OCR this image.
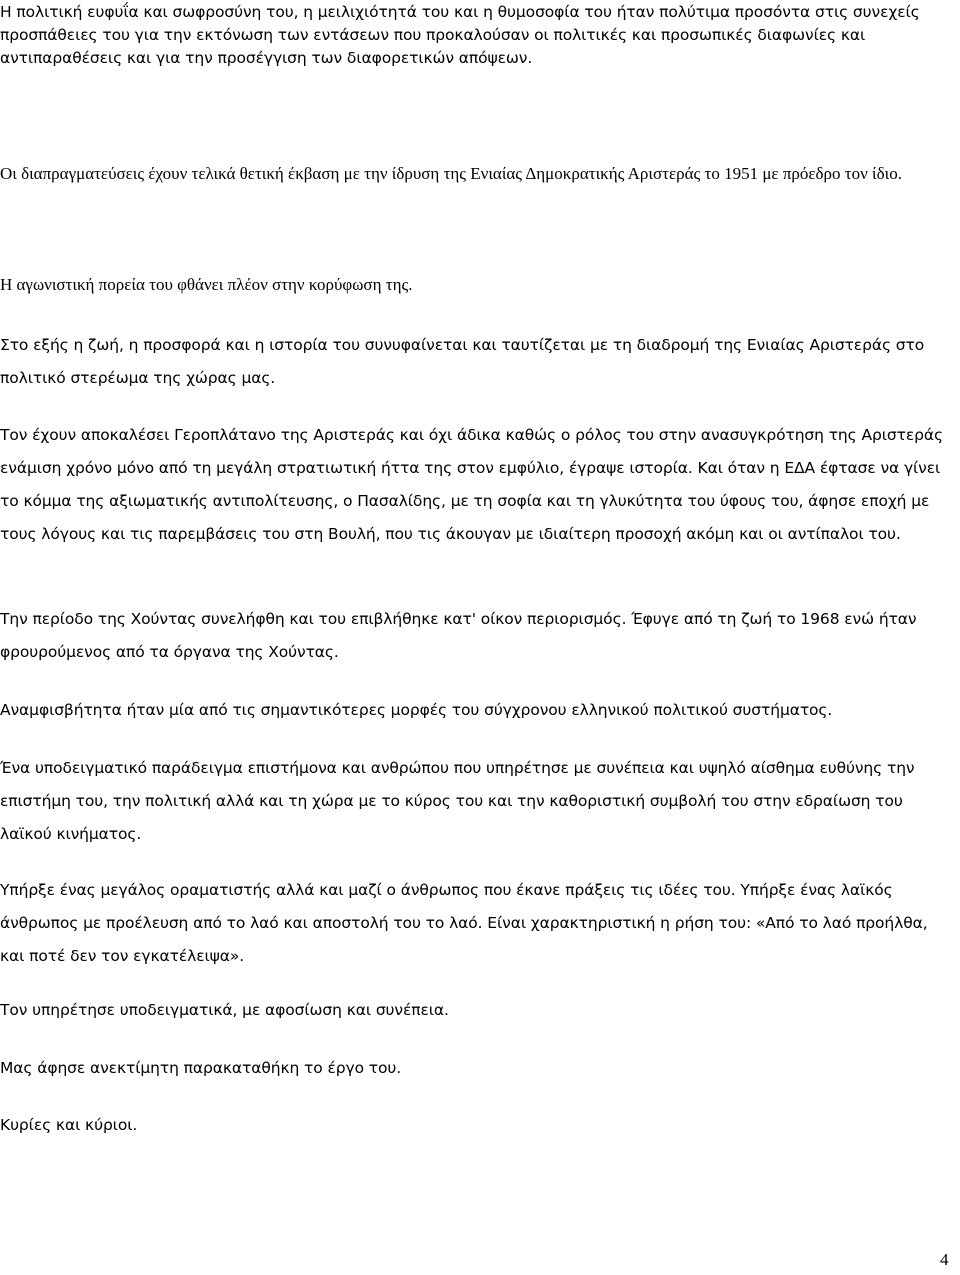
Η πολιτική ευφυΐα και σωφροσύνη του, η μειλιχιότητά του και η θυμοσοφία του ήταν πολύτιμα προσόντα στις συνεχείς προσπάθειες του για την εκτόνωση των εντάσεων που προκαλούσαν οι πολιτικές και προσωπικές διαφωνίες και αντιπαραθέσεις και για την προσέγγιση των διαφορετικών απόψεων.

Οι διαπραγματεύσεις έχουν τελικά θετική έκβαση με την ίδρυση της Ενιαίας Δημοκρατικής Αριστεράς το 1951 με πρόεδρο τον ίδιο.

Η αγωνιστική πορεία του φθάνει πλέον στην κορύφωση της.

Στο εξής η ζωή, η προσφορά και η ιστορία του συνυφαίνεται και ταυτίζεται με τη διαδρομή της Ενιαίας Αριστεράς στο πολιτικό στερέωμα της χώρας μας.

Τον έχουν αποκαλέσει Γεροπλάτανο της Αριστεράς και όχι άδικα καθώς ο ρόλος του στην ανασυγκρότηση της Αριστεράς ενάμιση χρόνο μόνο από τη μεγάλη στρατιωτική ήττα της στον εμφύλιο, έγραψε ιστορία. Και όταν η ΕΔΑ έφτασε να γίνει το κόμμα της αξιωματικής αντιπολίτευσης, ο Πασαλίδης, με τη σοφία και τη γλυκύτητα του ύφους του, άφησε εποχή με τους λόγους και τις παρεμβάσεις του στη Βουλή, που τις άκουγαν με ιδιαίτερη προσοχή ακόμη και οι αντίπαλοι του.

Την περίοδο της Χούντας συνελήφθη και του επιβλήθηκε κατ' οίκον περιορισμός. Έφυγε από τη ζωή το 1968 ενώ ήταν φρουρούμενος από τα όργανα της Χούντας.

Αναμφισβήτητα ήταν μία από τις σημαντικότερες μορφές του σύγχρονου ελληνικού πολιτικού συστήματος.

Ένα υποδειγματικό παράδειγμα επιστήμονα και ανθρώπου που υπηρέτησε με συνέπεια και υψηλό αίσθημα ευθύνης την επιστήμη του, την πολιτική αλλά και τη χώρα με το κύρος του και την καθοριστική συμβολή του στην εδραίωση του λαϊκού κινήματος.

Υπήρξε ένας μεγάλος οραματιστής αλλά και μαζί ο άνθρωπος που έκανε πράξεις τις ιδέες του. Υπήρξε ένας λαϊκός άνθρωπος με προέλευση από το λαό και αποστολή του το λαό. Είναι χαρακτηριστική η ρήση του: «Από το λαό προήλθα, και ποτέ δεν τον εγκατέλειψα».

Τον υπηρέτησε υποδειγματικά, με αφοσίωση και συνέπεια.

Μας άφησε ανεκτίμητη παρακαταθήκη το έργο του.

Κυρίες και κύριοι.

4
